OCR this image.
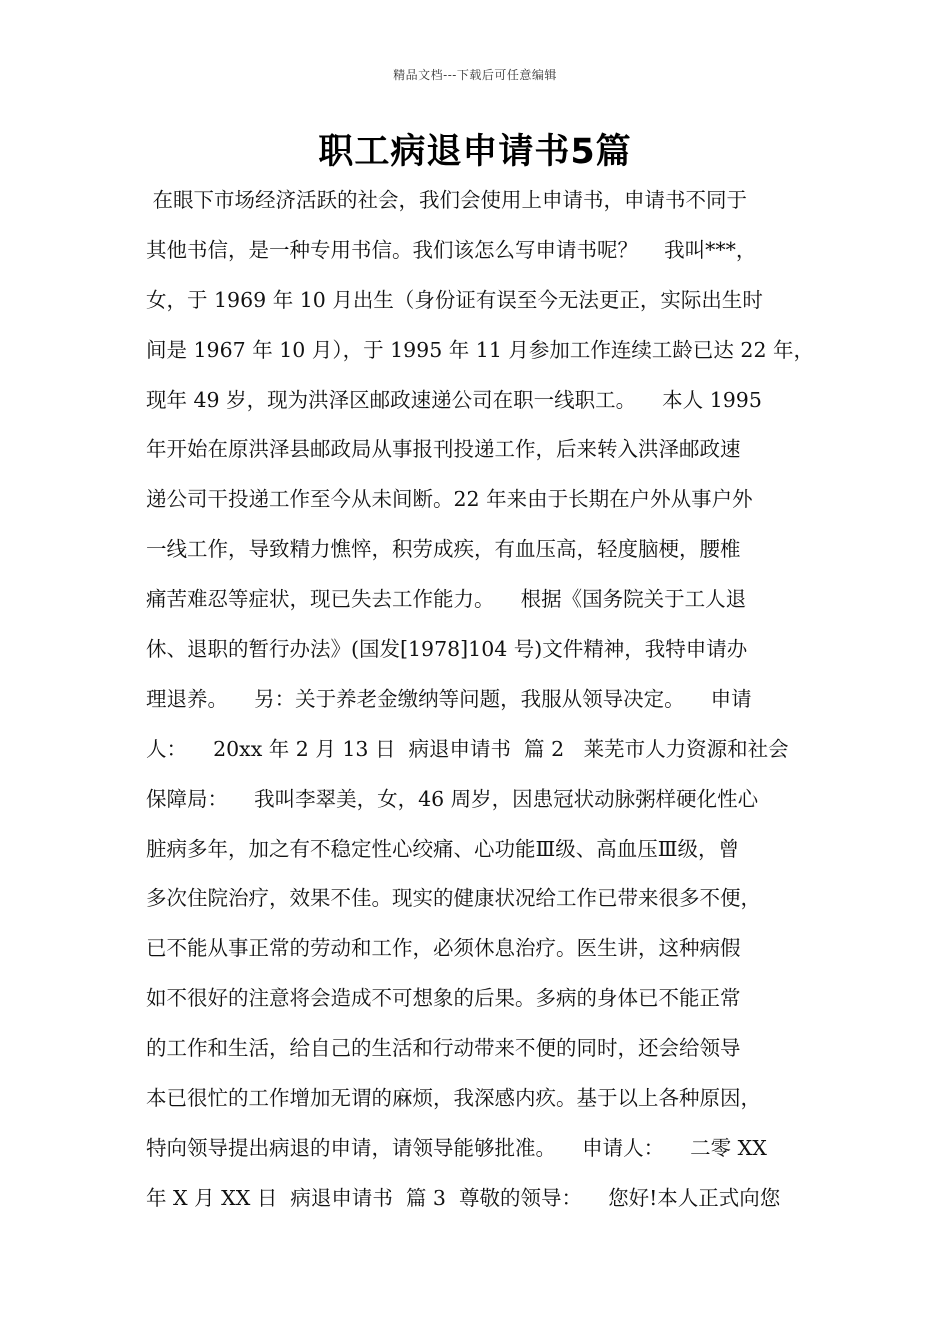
精品文档---下载后可任意编辑
职工病退申请书5篇
在眼下市场经济活跃的社会，我们会使用上申请书，申请书不同于
其他书信，是一种专用书信。我们该怎么写申请书呢？    我叫***，
女，于 1969 年 10 月出生（身份证有误至今无法更正，实际出生时
间是 1967 年 10 月），于 1995 年 11 月参加工作连续工龄已达 22 年，
现年 49 岁，现为洪泽区邮政速递公司在职一线职工。    本人 1995
年开始在原洪泽县邮政局从事报刊投递工作，后来转入洪泽邮政速
递公司干投递工作至今从未间断。22 年来由于长期在户外从事户外
一线工作，导致精力憔悴，积劳成疾，有血压高，轻度脑梗，腰椎
痛苦难忍等症状，现已失去工作能力。    根据《国务院关于工人退
休、退职的暂行办法》(国发[1978]104 号)文件精神，我特申请办
理退养。    另：关于养老金缴纳等问题，我服从领导决定。    申请
人：    20xx 年 2 月 13 日  病退申请书  篇 2   莱芜市人力资源和社会
保障局：    我叫李翠美，女，46 周岁，因患冠状动脉粥样硬化性心
脏病多年，加之有不稳定性心绞痛、心功能Ⅲ级、高血压Ⅲ级，曾
多次住院治疗，效果不佳。现实的健康状况给工作已带来很多不便，
已不能从事正常的劳动和工作，必须休息治疗。医生讲，这种病假
如不很好的注意将会造成不可想象的后果。多病的身体已不能正常
的工作和生活，给自己的生活和行动带来不便的同时，还会给领导
本已很忙的工作增加无谓的麻烦，我深感内疚。基于以上各种原因，
特向领导提出病退的申请，请领导能够批准。    申请人：    二零 XX
年 X 月 XX 日  病退申请书  篇 3  尊敬的领导：    您好!本人正式向您
